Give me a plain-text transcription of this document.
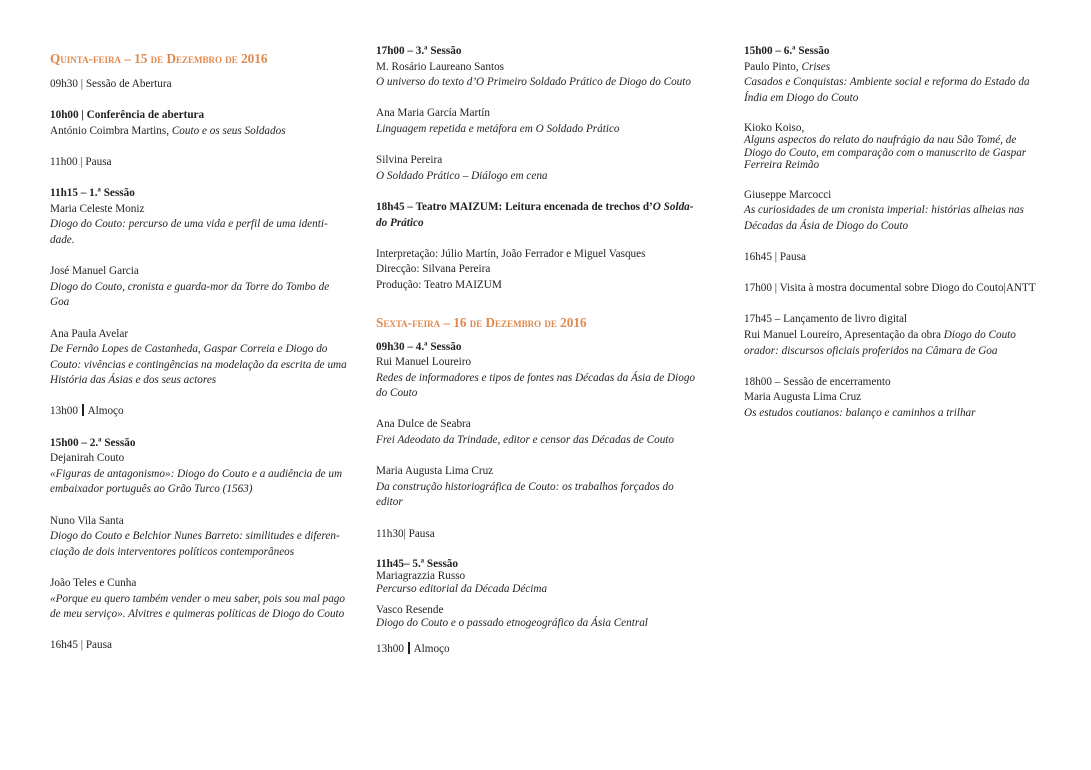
Quinta-feira – 15 de Dezembro de 2016
09h30 | Sessão de Abertura
10h00 | Conferência de abertura
António Coimbra Martins, Couto e os seus Soldados
11h00 | Pausa
11h15 – 1.ª Sessão
Maria Celeste Moniz
Diogo do Couto: percurso de uma vida e perfil de uma identi-
dade.
José Manuel Garcia
Diogo do Couto, cronista e guarda-mor da Torre do Tombo de
Goa
Ana Paula Avelar
De Fernão Lopes de Castanheda, Gaspar Correia e Diogo do
Couto: vivências e contingências na modelação da escrita de uma
História das Ásias e dos seus actores
13h00 Almoço
15h00 – 2.ª Sessão
Dejanirah Couto
«Figuras de antagonismo»: Diogo do Couto e a audiência de um
embaixador português ao Grão Turco (1563)
Nuno Vila Santa
Diogo do Couto e Belchior Nunes Barreto: similitudes e diferen-
ciação de dois interventores políticos contemporâneos
João Teles e Cunha
«Porque eu quero também vender o meu saber, pois sou mal pago
de meu serviço». Alvitres e quimeras políticas de Diogo do Couto
16h45 | Pausa
17h00 – 3.ª Sessão
M. Rosário Laureano Santos
O universo do texto d’O Primeiro Soldado Prático de Diogo do Couto
Ana Maria García Martín
Linguagem repetida e metáfora em O Soldado Prático
Silvina Pereira
O Soldado Prático – Diálogo em cena
18h45 – Teatro MAIZUM: Leitura encenada de trechos d’O Solda-
do Prático
Interpretação: Júlio Martín, João Ferrador e Miguel Vasques
Direcção: Silvana Pereira
Produção: Teatro MAIZUM
Sexta-feira – 16 de Dezembro de 2016
09h30 – 4.ª Sessão
Rui Manuel Loureiro
Redes de informadores e tipos de fontes nas Décadas da Ásia de Diogo
do Couto
Ana Dulce de Seabra
Frei Adeodato da Trindade, editor e censor das Décadas de Couto
Maria Augusta Lima Cruz
Da construção historiográfica de Couto: os trabalhos forçados do
editor
11h30| Pausa
11h45– 5.ª Sessão
Mariagrazzia Russo
Percurso editorial da Década Décima
Vasco Resende
Diogo do Couto e o passado etnogeográfico da Ásia Central
13h00 Almoço
15h00 – 6.ª Sessão
Paulo Pinto, Crises
Casados e Conquistas: Ambiente social e reforma do Estado da
Índia em Diogo do Couto
Kioko Koiso,
Alguns aspectos do relato do naufrágio da nau São Tomé, de
Diogo do Couto, em comparação com o manuscrito de Gaspar
Ferreira Reimão
Giuseppe Marcocci
As curiosidades de um cronista imperial: histórias alheias nas
Décadas da Ásia de Diogo do Couto
16h45 | Pausa
17h00 | Visita à mostra documental sobre Diogo do Couto|ANTT
17h45 – Lançamento de livro digital
Rui Manuel Loureiro, Apresentação da obra Diogo do Couto
orador: discursos oficiais proferidos na Câmara de Goa
18h00 – Sessão de encerramento
Maria Augusta Lima Cruz
Os estudos coutianos: balanço e caminhos a trilhar
